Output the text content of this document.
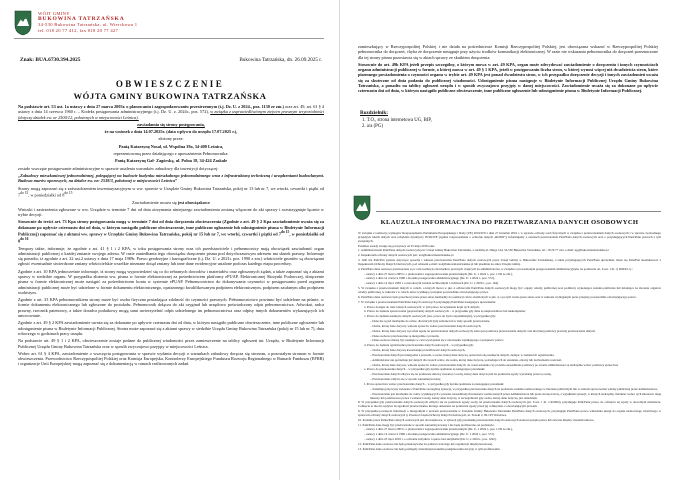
WÓJT GMINY
BUKOWINA TATRZAŃSKA
34-530 Bukowina Tatrzańska, ul. Wierchowa 1
tel. 018 20 77 412, fax 018 20 77 427
Znak: BUA.6730.394.2025	Bukowina Tatrzańska, dn. 26.09.2025 r.
OBWIESZCZENIE
WÓJTA GMINY BUKOWINA TATRZAŃSKA

Na podstawie art. 53 ust. 1a ustawy z dnia 27 marca 2003r. o planowaniu i zagospodarowaniu przestrzennym (t.j. Dz. U. z 2024., poz. 1130 ze zm.) oraz art. 49, art. 61 § 4 ustawy z dnia 14 czerwca 1960 r. – Kodeks postępowania administracyjnego (t.j. Dz. U. z. 2024r., poz. 572), w związku z usprawiedliwionym ziejwen prawnym terytorialności (dotyczy działek ew. nr 2500/12, położonych w miejscowości Leśnica).

zawiadamia się strony postępowania,

że na wniosek z dnia 14.07.2025r. (data wpływu do urzędu 17.07.2025 r.),

złożony przez:

Panią Katarzynę Nosal, ul. Wspólna 39a, 34-400 Leśnica,

reprezentowaną przez działającego z upoważnienia Pełnomocnika:

Panią Katarzynę Gał- Zagórską, ul. Polna 18, 34-424 Zaskale

zostało wszczęte postępowanie administracyjne w sprawie ustalenia warunków zabudowy dla inwestycji dotyczącej:

„Zabudowy mieszkaniowej jednorodzinnej, polegającej na budowie budynku mieszkalnego jednorodzinnego wraz z infrastrukturą techniczną i urządzeniami budowlanymi. Budowa murów oporowych, na działce ew. nr: 2538/3, położonej w miejscowości Leśnica”

Strony mogą zapoznać się z zaświadczeniem inwentaryzacyjnym w ww. sprawie w Urzędzie Gminy Bukowina Tatrzańska, pokój nr 13 lub nr 7, we wtorki, czwartki i piątki od $7^{do 15}$, w poniedziałki od $8^{do 15}$

Zawiadomienie uważa się jest obowiązkowe

Wnioski i zastrzeżenia zgłoszone w ww. Urzędzie w terminie 7 dni od dnia otrzymania niniejszego zawiadomienia zostaną włączone do akt sprawy i rozstrzygnięte łącznie w trybie decyzji.

Stosownie do treści art. 73 Kpa strony postępowania mogą w terminie 7 dni od dnia doręczenia obwieszczenia (Zgodnie z art. 49 § 2 Kpa zawiadomienie uważa się za dokonane po upływie czternastu dni od dnia, w którym nastąpiło publiczne obwieszczenie, inne publiczne ogłoszenie lub udostępnienie pisma w Biuletynie Informacji Publicznej) zapoznać się z aktami ww. sprawy w Urzędzie Gminy Bukowina Tatrzańska, pokój nr 15 lub nr 7, we wtorki, czwartki i piątki od $7^{do 15}$, w poniedziałki od $8^{do 16}$

Tempory także, informuje, że zgodnie z art. 41 § 1 i 2 KPA, w toku postępowania strony oraz ich przedstawiciele i pełnomocnicy mają obowiązek zawiadomić organ administracji publicznej o każdej zmianie swojego adresu. W razie zaniedbania tego obowiązku doręczenie pisma pod dotychczasowym adresem ma skutek prawny. Informuje się ponadto, iż zgodnie z art. 22 ust.2 ustawy z dnia 17 maja 1989r. Prawo geodezyjne i kartograficzne (t.j. Dz. U. z 2021r. poz. 1990 z zm.) właściciele gruntów są obowiązani zgłosić ewentualnie stwierdzone zmiany właścicielskie wszelkie nieznane dotąd zmiany lub inne dane ewidencyjne ustalone podczas każdego etapu procedury.

Zgodnie z art. 10 KPA jednocześnie informuje, iż strony mogą wypowiedzieć się co do zebranych dowodów i materiałów oraz zgłoszonych żądań, a także zapoznać się z aktami sprawy w siedzibie organu. W przypadku złożenia ww. pisma w formie elektronicznej za pośrednictwem platformy ePUAP, Elektronicznej Skrzynki Podawczej, doręczenie pisma w formie elektronicznej może nastąpić za pośrednictwem konta w systemie ePUAP. Pełnomocnictwo do dokonywania czynności w postępowaniu przed organem administracji publicznej może być udzielone w formie dokumentu elektronicznego, opatrzonego kwalifikowanym podpisem elektronicznym, podpisem zaufanym albo podpisem osobistym.

Zgodnie z art. 33 KPA pełnomocnikiem strony może być osoba fizyczna posiadająca zdolność do czynności prawnych. Pełnomocnictwo powinno być udzielone na piśmie, w formie dokumentu elektronicznego lub zgłoszone do protokołu. Pełnomocnik dołącza do akt oryginał lub urzędowo poświadczony odpis pełnomocnictwa. Adwokat, radca prawny, rzecznik patentowy, a także doradca podatkowy mogą sami uwierzytelnić odpis udzielonego im pełnomocnictwa oraz odpisy innych dokumentów wykazujących ich umocowanie.

Zgodnie z art. 49 § 2 KPA zawiadomienie uważa się za dokonane po upływie czternastu dni od dnia, w którym nastąpiło publiczne obwieszczenie, inne publiczne ogłoszenie lub udostępnienie pisma w Biuletynie Informacji Publicznej. Strona może zapoznać się z aktami sprawy w siedzibie Urzędu Gminy Bukowina Tatrzańska (pokój nr 15 lub nr 7), dnia roboczego w godzinach pracy urzędu.

Na podstawie art. 49 § 1 i 2 KPA, obwieszczenie zostaje podane do publicznej wiadomości przez zamieszczenie na tablicy ogłoszeń tut. Urzędu, w Biuletynie Informacji Publicznej Urzędu Gminy Bukowina Tatrzańska oraz w sposób zwyczajowo przyjęty w miejscowości Leśnica.

Wobec art. 61 § 4 KPA, zawiadomienie o wszczęciu postępowania w sprawie wydania decyzji o warunkach zabudowy doręcza się stronom, a pozostałym stronom w formie obwieszczenia. Przewodnictwo Rzeczypospolitej Polskiej oraz Komisja Europejska, Kontrolerzy Europejskiego Funduszu Rozwoju Regionalnego w Ramach Funduszu (EFRR) i organizacje Unii Europejskiej mogą zapoznać się z dokumentacją w ramach realizowanych zadań.

zamieszkujący w Rzeczypospolitej Polskiej i nie działa na pośrednictwie Komisji Rzeczypospolitej Polskiej, jest obowiązana wskazać w Rzeczypospolitej Polskiej pełnomocnika do doręczeń, chyba że doręczenie następuje przy użyciu środków komunikacji elektronicznej. W razie nie wskazania pełnomocnika do doręczeń przeznaczone dla tej strony pisma pozostawia się w aktach sprawy ze skutkiem doręczenia.

Stosownie do art. 49b KPA jeżeli przepis szczególny, o którym mowa w art. 49 KPA, organ może zdecydować zawiadomienie o doręczeniu i innych czynnościach organu administracji publicznej w formie, o której mowa w art. 49 § 1 KPA, jeżeli w postępowaniu liczba stron, w której wynosi więcej niż dwadzieścia stron, które pisemnego powiadomienia o czynności organu w trybie art. 49 KPA jest ponad dwudziestu stron, w ich przypadku doręczenie decyzji i innych zawiadomień uważa się za skuteczne od dnia podania do publicznej wiadomości. Udostępnienie pisma następuje w Biuletynie Informacji Publicznej Urzędu Gminy Bukowina Tatrzańska, a ponadto na tablicy ogłoszeń urzędu i w sposób zwyczajowo przyjęty w danej miejscowości. Zawiadomienie uważa się za dokonane po upływie czternastu dni od dnia, w którym nastąpiło publiczne obwieszczenie, inne publiczne ogłoszenie lub udostępnienie pisma w Biuletynie Informacji Publicznej.

Rozdzielnik:
1. T.O., strona internetowa UG, BIP,
2. a/a (PG)
KLAUZULA INFORMACYJNA DO PRZETWARZANIA DANYCH OSOBOWYCH

W związku z realizacją wymogów Rozporządzenia Parlamentu Europejskiego i Rady (UE) 2016/679 z dnia 27 kwietnia 2016 r. w sprawie ochrony osób fizycznych w związku z przetwarzaniem danych osobowych i w sprawie swobodnego przepływu takich danych oraz uchylenia dyrektywy 95/46/WE (ogólne rozporządzenie o ochronie danych „RODO”), informujemy o zasadach przetwarzania Pani/Pana danych osobowych oraz o przysługujących Pani/Panu prawach z tym związanych.

Poniższe zasady stosuje się począwszy od 25 maja 2018 roku:

1. Administratorem Pani/Pana danych osobowych jest: Urząd Gminy Bukowina Tatrzańska, z siedzibą ul. Długa 144, 34-530 Bukowina Tatrzańska, tel.: 18 20 77 412, e-mail: ug@bukowinatatrzanska.pl

2. Inspektorem ochrony danych osobowych jest: iod@bukowinatatrzanska.pl

3. Jeśli ma Pani/Pan pytania dotyczące sposobu i zakresu przetwarzania Pani/Pana danych osobowych przez Urząd Gminy w Bukowinie Tatrzańskiej, a także przysługujących Pani/Panu uprawnień, może się Pani/Pan skontaktować z Inspektorem Ochrony Danych Osobowych, pod adresem e-mail: iod@bukowinatatrzanska.pl lub pisemnie na adres Urzędu Gminy.

4. Pani/Pana dane osobowe przetwarzane są w celu realizacji obowiązków prawnych ciążących na administratorze, w związku z prowadzonym postępowaniem administracyjnym, na podstawie art. 6 ust. 1 lit. c) RODO, tj.:

– ustawy z dnia 27 marca 2003 r. o planowaniu i zagospodarowaniu przestrzennym (Dz. U. z 2024 r., poz. 1130 ze zm.),

– ustawy z dnia 14 czerwca 1960 r. Kodeks postępowania administracyjnego (Dz. U. z 2024 r., poz. 572),

– ustawy z dnia 14 lipca 1983 r. o narodowym zasobie archiwalnym i archiwach (Dz. U. z 2020 r., poz. 164).

5. W związku z przetwarzaniem danych w celach, o których mowa w pkt. 4 odbiorcami Pani/Pana danych osobowych mogą być: organy władzy publicznej oraz podmioty wykonujące zadania publiczne lub działające na zlecenie organów władzy publicznej, w zakresie i w celach, które wynikają z przepisu powszechnie obowiązującego prawa.

6. Pani/Pana dane osobowe będą przechowywane przez okres niezbędny do realizacji celów określonych w pkt. 4, a po tym czasie przez okres oraz w zakresie wymaganym przez przepisy powszechnie obowiązującego prawa.

7. W związku z przetwarzaniem Pani/Pana danych osobowych przysługują Pani/Panu następujące uprawnienia:

a. Prawo dostępu do treści danych osobowych, w tym prawo do uzyskania kopii tych danych;

b. Prawo do żądania sprostowania (poprawiania) danych osobowych – w przypadku gdy dane są nieprawidłowe lub niekompletne;

c. Prawo do żądania usunięcia danych osobowych (tzw. prawo do bycia zapomnianym), w przypadku gdy:

– Dane nie są już niezbędne do celów, dla których były zebrane lub w inny sposób przetwarzane,

– Osoba, której dane dotyczą, wniosła sprzeciw wobec przetwarzania danych osobowych,

– Osoba, której dane dotyczą wycofała zgodę na przetwarzanie danych osobowych, która jest podstawą przetwarzania danych i nie ma innej podstawy prawnej przetwarzania danych,

– Dane osobowe przetwarzane są niezgodnie z prawem,

– Dane osobowe muszą być usunięte w celu wywiązania się z obowiązku wynikającego z przepisów prawa;

d. Prawo do żądania ograniczenia przetwarzania danych osobowych – w przypadku gdy:

– Osoba, której dane dotyczą kwestionuje prawidłowość danych osobowych,

– Przetwarzanie danych jest niezgodne z prawem, a osoba, której dane dotyczą, sprzeciwia się usunięciu danych, żądając w zamian ich ograniczenia,

– Administrator nie potrzebuje już danych dla swoich celów, ale osoba, której dane dotyczą, potrzebuje ich do ustalenia, obrony lub dochodzenia roszczeń,

– Osoba, której dane dotyczą, wniosła sprzeciw wobec przetwarzania danych, do czasu ustalenia czy prawnie uzasadnione podstawy po stronie administratora są nadrzędne wobec podstawy sprzeciwu;

e. Prawo do przenoszenia danych – w przypadku gdy łącznie spełnione są następujące przesłanki:

– Przetwarzanie danych odbywa się na podstawie umowy zawartej z osobą, której dane dotyczą lub na podstawie zgody wyrażonej przez tą osobę,

– Przetwarzanie odbywa się w sposób zautomatyzowany;

f. Prawo sprzeciwu wobec przetwarzania danych – w przypadku gdy łącznie spełnione są następujące przesłanki:

– Zaistnieją przyczyny związane z Pani/Pana szczególną sytuacją, w przypadku przetwarzania danych na podstawie zadania realizowanego w interesie publicznym lub w ramach sprawowania władzy publicznej przez Administratora,

– Przetwarzanie jest niezbędne do celów wynikających z prawnie uzasadnionych interesów realizowanych przez Administratora lub przez stronę trzecią, z wyjątkiem sytuacji, w których nadrzędny charakter wobec tych interesów mają interesy lub podstawowe prawa i wolności osoby, której dane dotyczą, w szczególności gdy osoba, której dane dotyczą, jest dzieckiem.

8. W przypadku gdy przetwarzanie danych osobowych odbywa się na podstawie zgody osoby na przetwarzanie danych osobowych (art. 6 ust. 1 lit. a RODO), przysługuje Pani/Panu prawo do cofnięcia tej zgody w dowolnym momencie. Cofnięcie to nie ma wpływu na zgodność przetwarzania, którego dokonano na podstawie zgody przed jej cofnięciem, z obowiązującym prawem.

9. W przypadku powzięcia informacji o niezgodnym z prawem przetwarzaniu w Urzędzie Gminy Bukowina Tatrzańska Pani/Pana danych osobowych, przysługuje Pani/Panu prawo wniesienia skargi do organu nadzorczego właściwego w sprawach ochrony danych osobowych tj. Prezesa Urzędu Ochrony Danych Osobowych, ul. Stawki 2, 00-193 Warszawa.

10. Podanie przez Panią/Pana danych osobowych jest obowiązkowe, w sytuacji gdy przesłankę przetwarzania danych osobowych stanowi przepis prawa lub zawarta między stronami umowa.

11. Pani/Pana dane mogą być przetwarzane w sposób zautomatyzowany i nie będą profilowane, na podstawie:

– ustawy z dnia 27 marca 2003 r. o planowaniu i zagospodarowaniu przestrzennym (Dz. U. z 2024 r., poz. 1130 ze zm.),

– ustawy z dnia 14 czerwca 1960 r. Kodeks postępowania administracyjnego (Dz. U. z 2024 r., poz. 572),

– ustawy z dnia 23 lipca 2003 r. o ochronie zabytków i opiece nad zabytkami (Dz. U. z 2024 r., poz. 1292).

12. Pani/Pana dane osobowe nie będą przekazywane do państwa trzeciego lub organizacji międzynarodowej.

13. Pani/Pana dane osobowe nie będą podlegały zautomatyzowanemu podejmowaniu decyzji, w tym profilowaniu.
